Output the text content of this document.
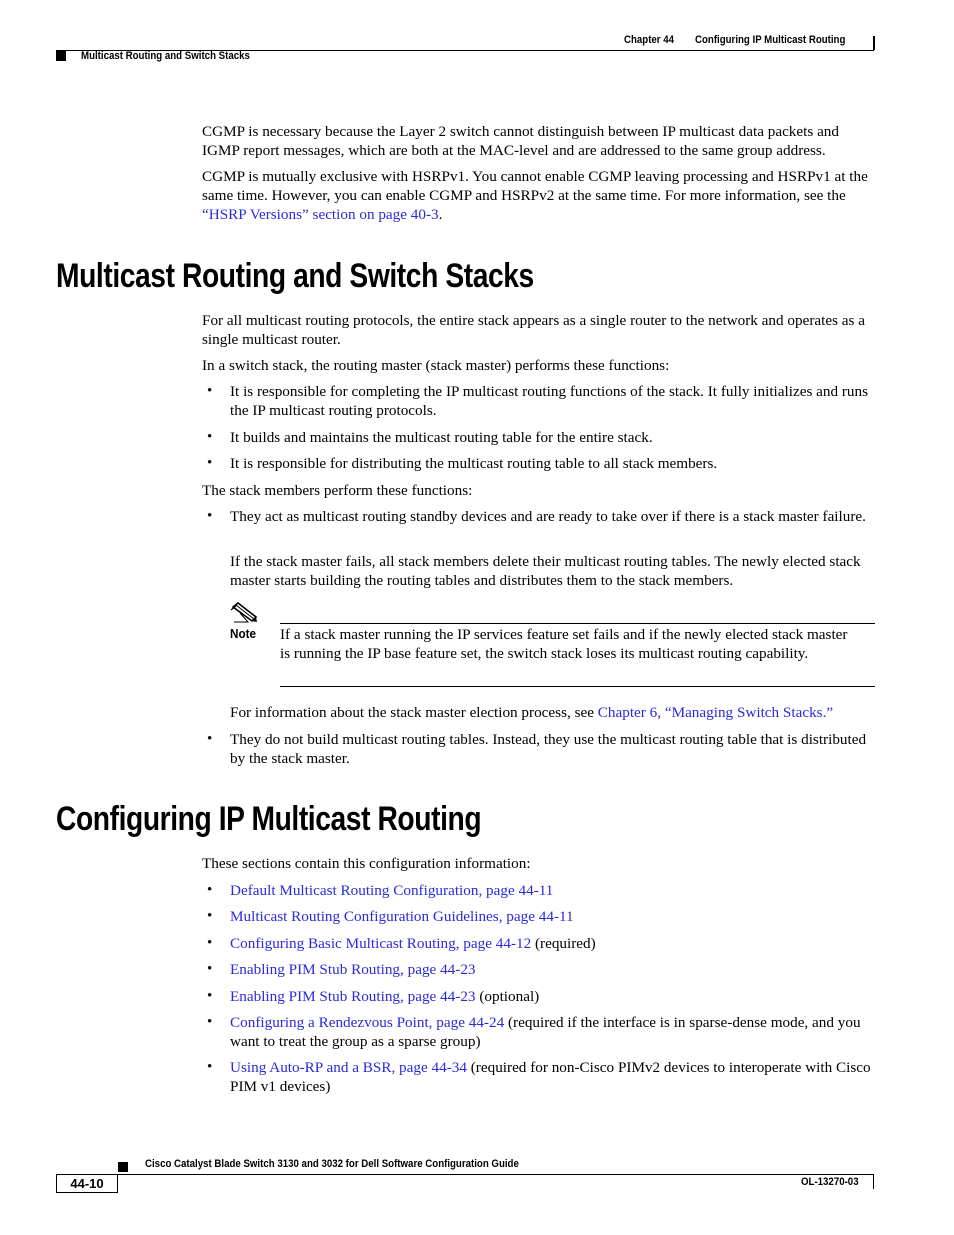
Chapter 44 Configuring IP Multicast Routing
Multicast Routing and Switch Stacks
CGMP is necessary because the Layer 2 switch cannot distinguish between IP multicast data packets and IGMP report messages, which are both at the MAC-level and are addressed to the same group address.
CGMP is mutually exclusive with HSRPv1. You cannot enable CGMP leaving processing and HSRPv1 at the same time. However, you can enable CGMP and HSRPv2 at the same time. For more information, see the “HSRP Versions” section on page 40-3.
Multicast Routing and Switch Stacks
For all multicast routing protocols, the entire stack appears as a single router to the network and operates as a single multicast router.
In a switch stack, the routing master (stack master) performs these functions:
• It is responsible for completing the IP multicast routing functions of the stack. It fully initializes and runs the IP multicast routing protocols.
• It builds and maintains the multicast routing table for the entire stack.
• It is responsible for distributing the multicast routing table to all stack members.
The stack members perform these functions:
• They act as multicast routing standby devices and are ready to take over if there is a stack master failure.
If the stack master fails, all stack members delete their multicast routing tables. The newly elected stack master starts building the routing tables and distributes them to the stack members.
Note If a stack master running the IP services feature set fails and if the newly elected stack master is running the IP base feature set, the switch stack loses its multicast routing capability.
For information about the stack master election process, see Chapter 6, “Managing Switch Stacks.”
• They do not build multicast routing tables. Instead, they use the multicast routing table that is distributed by the stack master.
Configuring IP Multicast Routing
These sections contain this configuration information:
• Default Multicast Routing Configuration, page 44-11
• Multicast Routing Configuration Guidelines, page 44-11
• Configuring Basic Multicast Routing, page 44-12 (required)
• Enabling PIM Stub Routing, page 44-23
• Enabling PIM Stub Routing, page 44-23 (optional)
• Configuring a Rendezvous Point, page 44-24 (required if the interface is in sparse-dense mode, and you want to treat the group as a sparse group)
• Using Auto-RP and a BSR, page 44-34 (required for non-Cisco PIMv2 devices to interoperate with Cisco PIM v1 devices)
Cisco Catalyst Blade Switch 3130 and 3032 for Dell Software Configuration Guide
44-10	OL-13270-03
